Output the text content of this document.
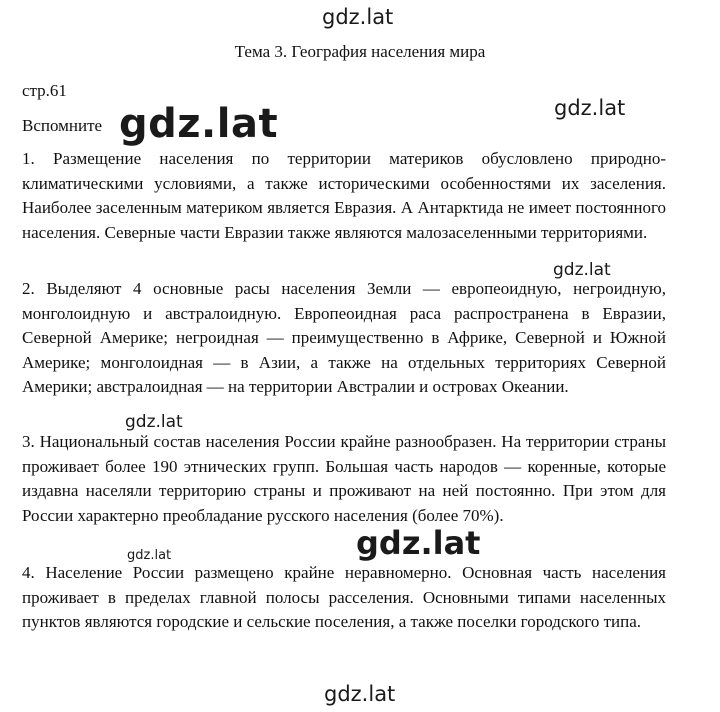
gdz.lat
Тема 3. География населения мира
стр.61
gdz.lat
Вспомните gdz.lat

1. Размещение населения по территории материков обусловлено природно-климатическими условиями, а также историческими особенностями их заселения. Наиболее заселенным материком является Евразия. А Антарктида не имеет постоянного населения. Северные части Евразии также являются малозаселенными территориями.

2. Выделяют 4 основные расы населения Земли — европеоидную, негроидную, монголоидную и австралоидную. Европеоидная раса распространена в Евразии, Северной Америке; негроидная — преимущественно в Африке, Северной и Южной Америке; монголоидная — в Азии, а также на отдельных территориях Северной Америки; австралоидная — на территории Австралии и островах Океании.

3. Национальный состав населения России крайне разнообразен. На территории страны проживает более 190 этнических групп. Большая часть народов — коренные, которые издавна населяли территорию страны и проживают на ней постоянно. При этом для России характерно преобладание русского населения (более 70%).

4. Население России размещено крайне неравномерно. Основная часть населения проживает в пределах главной полосы расселения. Основными типами населенных пунктов являются городские и сельские поселения, а также поселки городского типа.

gdz.lat
gdz.lat
gdz.lat
gdz.lat
gdz.lat
